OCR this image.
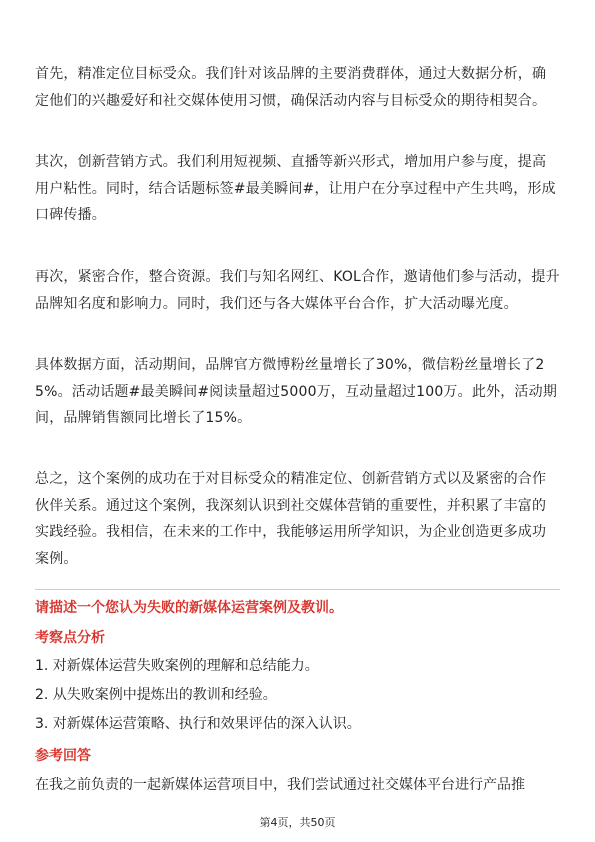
首先，精准定位目标受众。我们针对该品牌的主要消费群体，通过大数据分析，确定他们的兴趣爱好和社交媒体使用习惯，确保活动内容与目标受众的期待相契合。

其次，创新营销方式。我们利用短视频、直播等新兴形式，增加用户参与度，提高用户粘性。同时，结合话题标签#最美瞬间#，让用户在分享过程中产生共鸣，形成口碑传播。

再次，紧密合作，整合资源。我们与知名网红、KOL合作，邀请他们参与活动，提升品牌知名度和影响力。同时，我们还与各大媒体平台合作，扩大活动曝光度。

具体数据方面，活动期间，品牌官方微博粉丝量增长了30%，微信粉丝量增长了25%。活动话题#最美瞬间#阅读量超过5000万，互动量超过100万。此外，活动期间，品牌销售额同比增长了15%。

总之，这个案例的成功在于对目标受众的精准定位、创新营销方式以及紧密的合作伙伴关系。通过这个案例，我深刻认识到社交媒体营销的重要性，并积累了丰富的实践经验。我相信，在未来的工作中，我能够运用所学知识，为企业创造更多成功案例。

请描述一个您认为失败的新媒体运营案例及教训。
考察点分析
1. 对新媒体运营失败案例的理解和总结能力。
2. 从失败案例中提炼出的教训和经验。
3. 对新媒体运营策略、执行和效果评估的深入认识。
参考回答
在我之前负责的一起新媒体运营项目中，我们尝试通过社交媒体平台进行产品推
第4页，共50页
